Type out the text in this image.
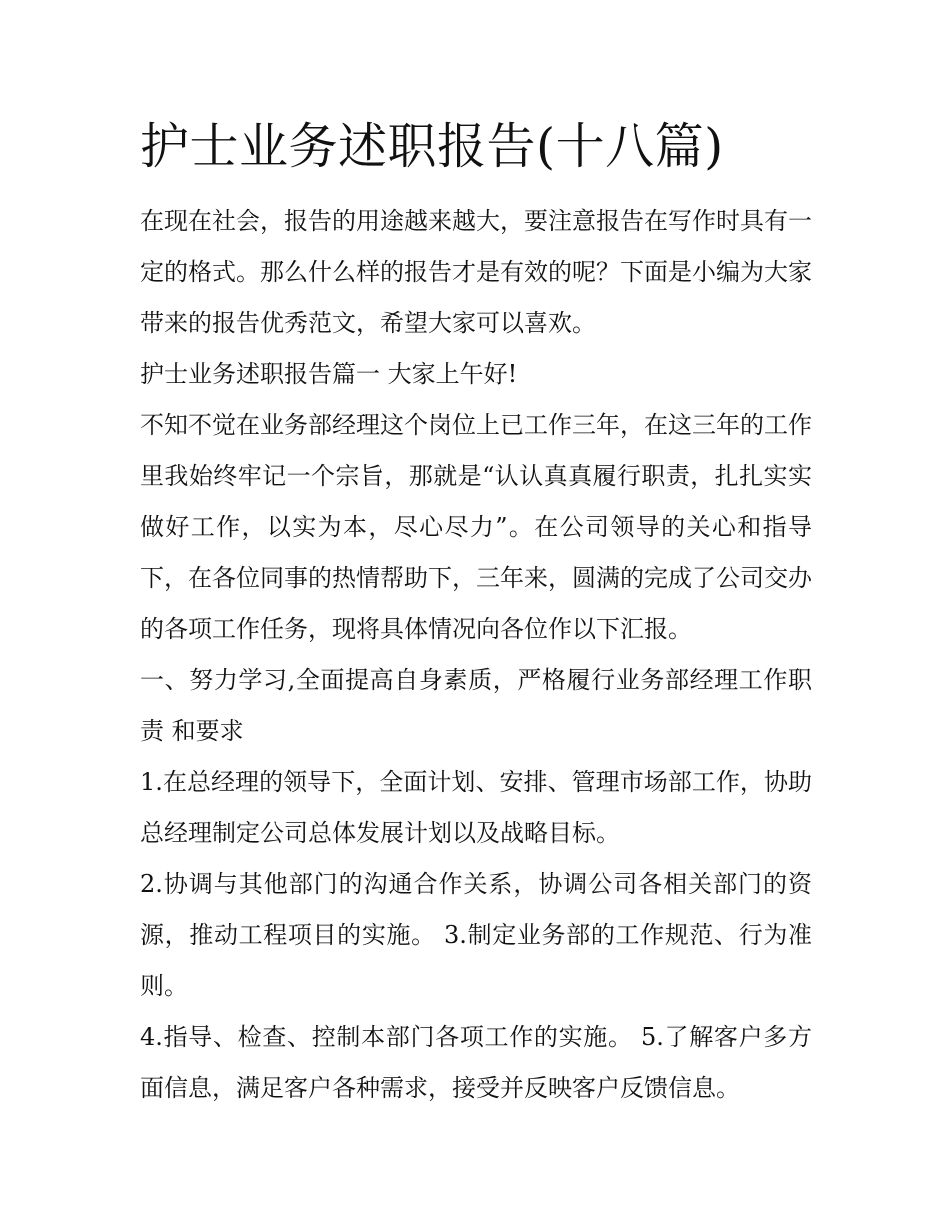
护士业务述职报告(十八篇)

在现在社会，报告的用途越来越大，要注意报告在写作时具有一定的格式。那么什么样的报告才是有效的呢？下面是小编为大家带来的报告优秀范文，希望大家可以喜欢。

护士业务述职报告篇一 大家上午好!

不知不觉在业务部经理这个岗位上已工作三年，在这三年的工作里我始终牢记一个宗旨，那就是“认认真真履行职责，扎扎实实做好工作，以实为本，尽心尽力”。在公司领导的关心和指导下，在各位同事的热情帮助下，三年来，圆满的完成了公司交办的各项工作任务，现将具体情况向各位作以下汇报。

一、努力学习,全面提高自身素质，严格履行业务部经理工作职责 和要求

1.在总经理的领导下，全面计划、安排、管理市场部工作，协助总经理制定公司总体发展计划以及战略目标。

2.协调与其他部门的沟通合作关系，协调公司各相关部门的资源，推动工程项目的实施。 3.制定业务部的工作规范、行为准则。

4.指导、检查、控制本部门各项工作的实施。 5.了解客户多方面信息，满足客户各种需求，接受并反映客户反馈信息。
